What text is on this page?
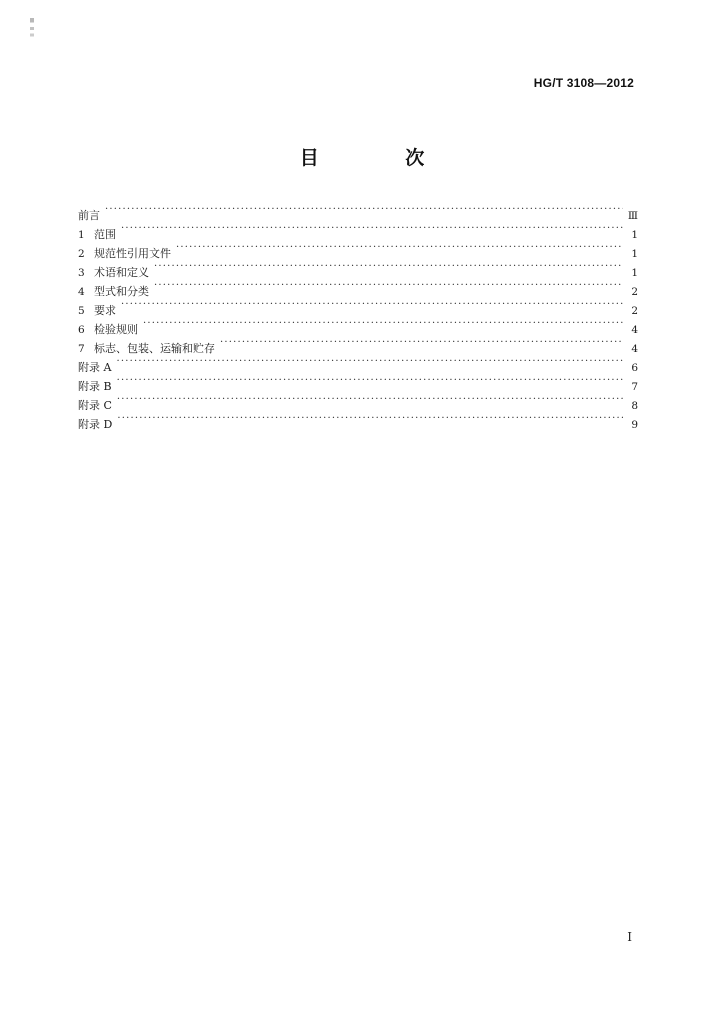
HG/T 3108—2012
目 次
前言 ·····	Ⅲ
1 范围 ·····	1
2 规范性引用文件 ·····	1
3 术语和定义 ·····	1
4 型式和分类 ·····	2
5 要求 ·····	2
6 检验规则 ·····	4
7 标志、包装、运输和贮存 ·····	4
附录 A ·····	6
附录 B ·····	7
附录 C ·····	8
附录 D ·····	9
I
